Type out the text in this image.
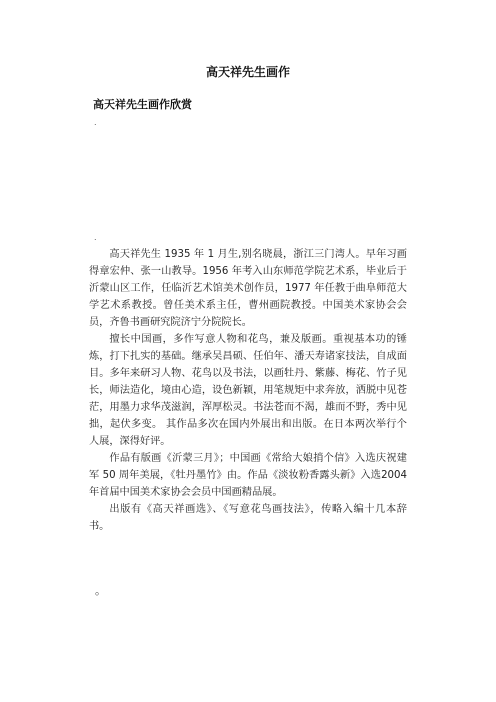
高天祥先生画作
高天祥先生画作欣赏
.
.

高天祥先生 1935 年 1 月生,别名晓晨，浙江三门湾人。早年习画得章宏仲、张一山教导。1956 年考入山东师范学院艺术系，毕业后于沂蒙山区工作，任临沂艺术馆美术创作员，1977 年任教于曲阜师范大学艺术系教授。曾任美术系主任，曹州画院教授。中国美术家协会会员，齐鲁书画研究院济宁分院院长。

擅长中国画，多作写意人物和花鸟，兼及版画。重视基本功的锤炼，打下扎实的基础。继承吴昌硕、任伯年、潘天寿诸家技法，自成面目。多年来研习人物、花鸟以及书法，以画牡丹、紫藤、梅花、竹子见长，师法造化，境由心造，设色新颖，用笔规矩中求奔放，洒脱中见苍茫，用墨力求华茂滋润，浑厚松灵。书法苍而不渴，雄而不野，秀中见拙，起伏多变。 其作品多次在国内外展出和出版。在日本两次举行个人展，深得好评。

作品有版画《沂蒙三月》；中国画《常给大娘捎个信》入选庆祝建军 50 周年美展，《牡丹墨竹》由。作品《淡妆粉香露头新》入选2004 年首届中国美术家协会会员中国画精品展。

出版有《高天祥画选》、《写意花鸟画技法》，传略入编十几本辞书。

。
